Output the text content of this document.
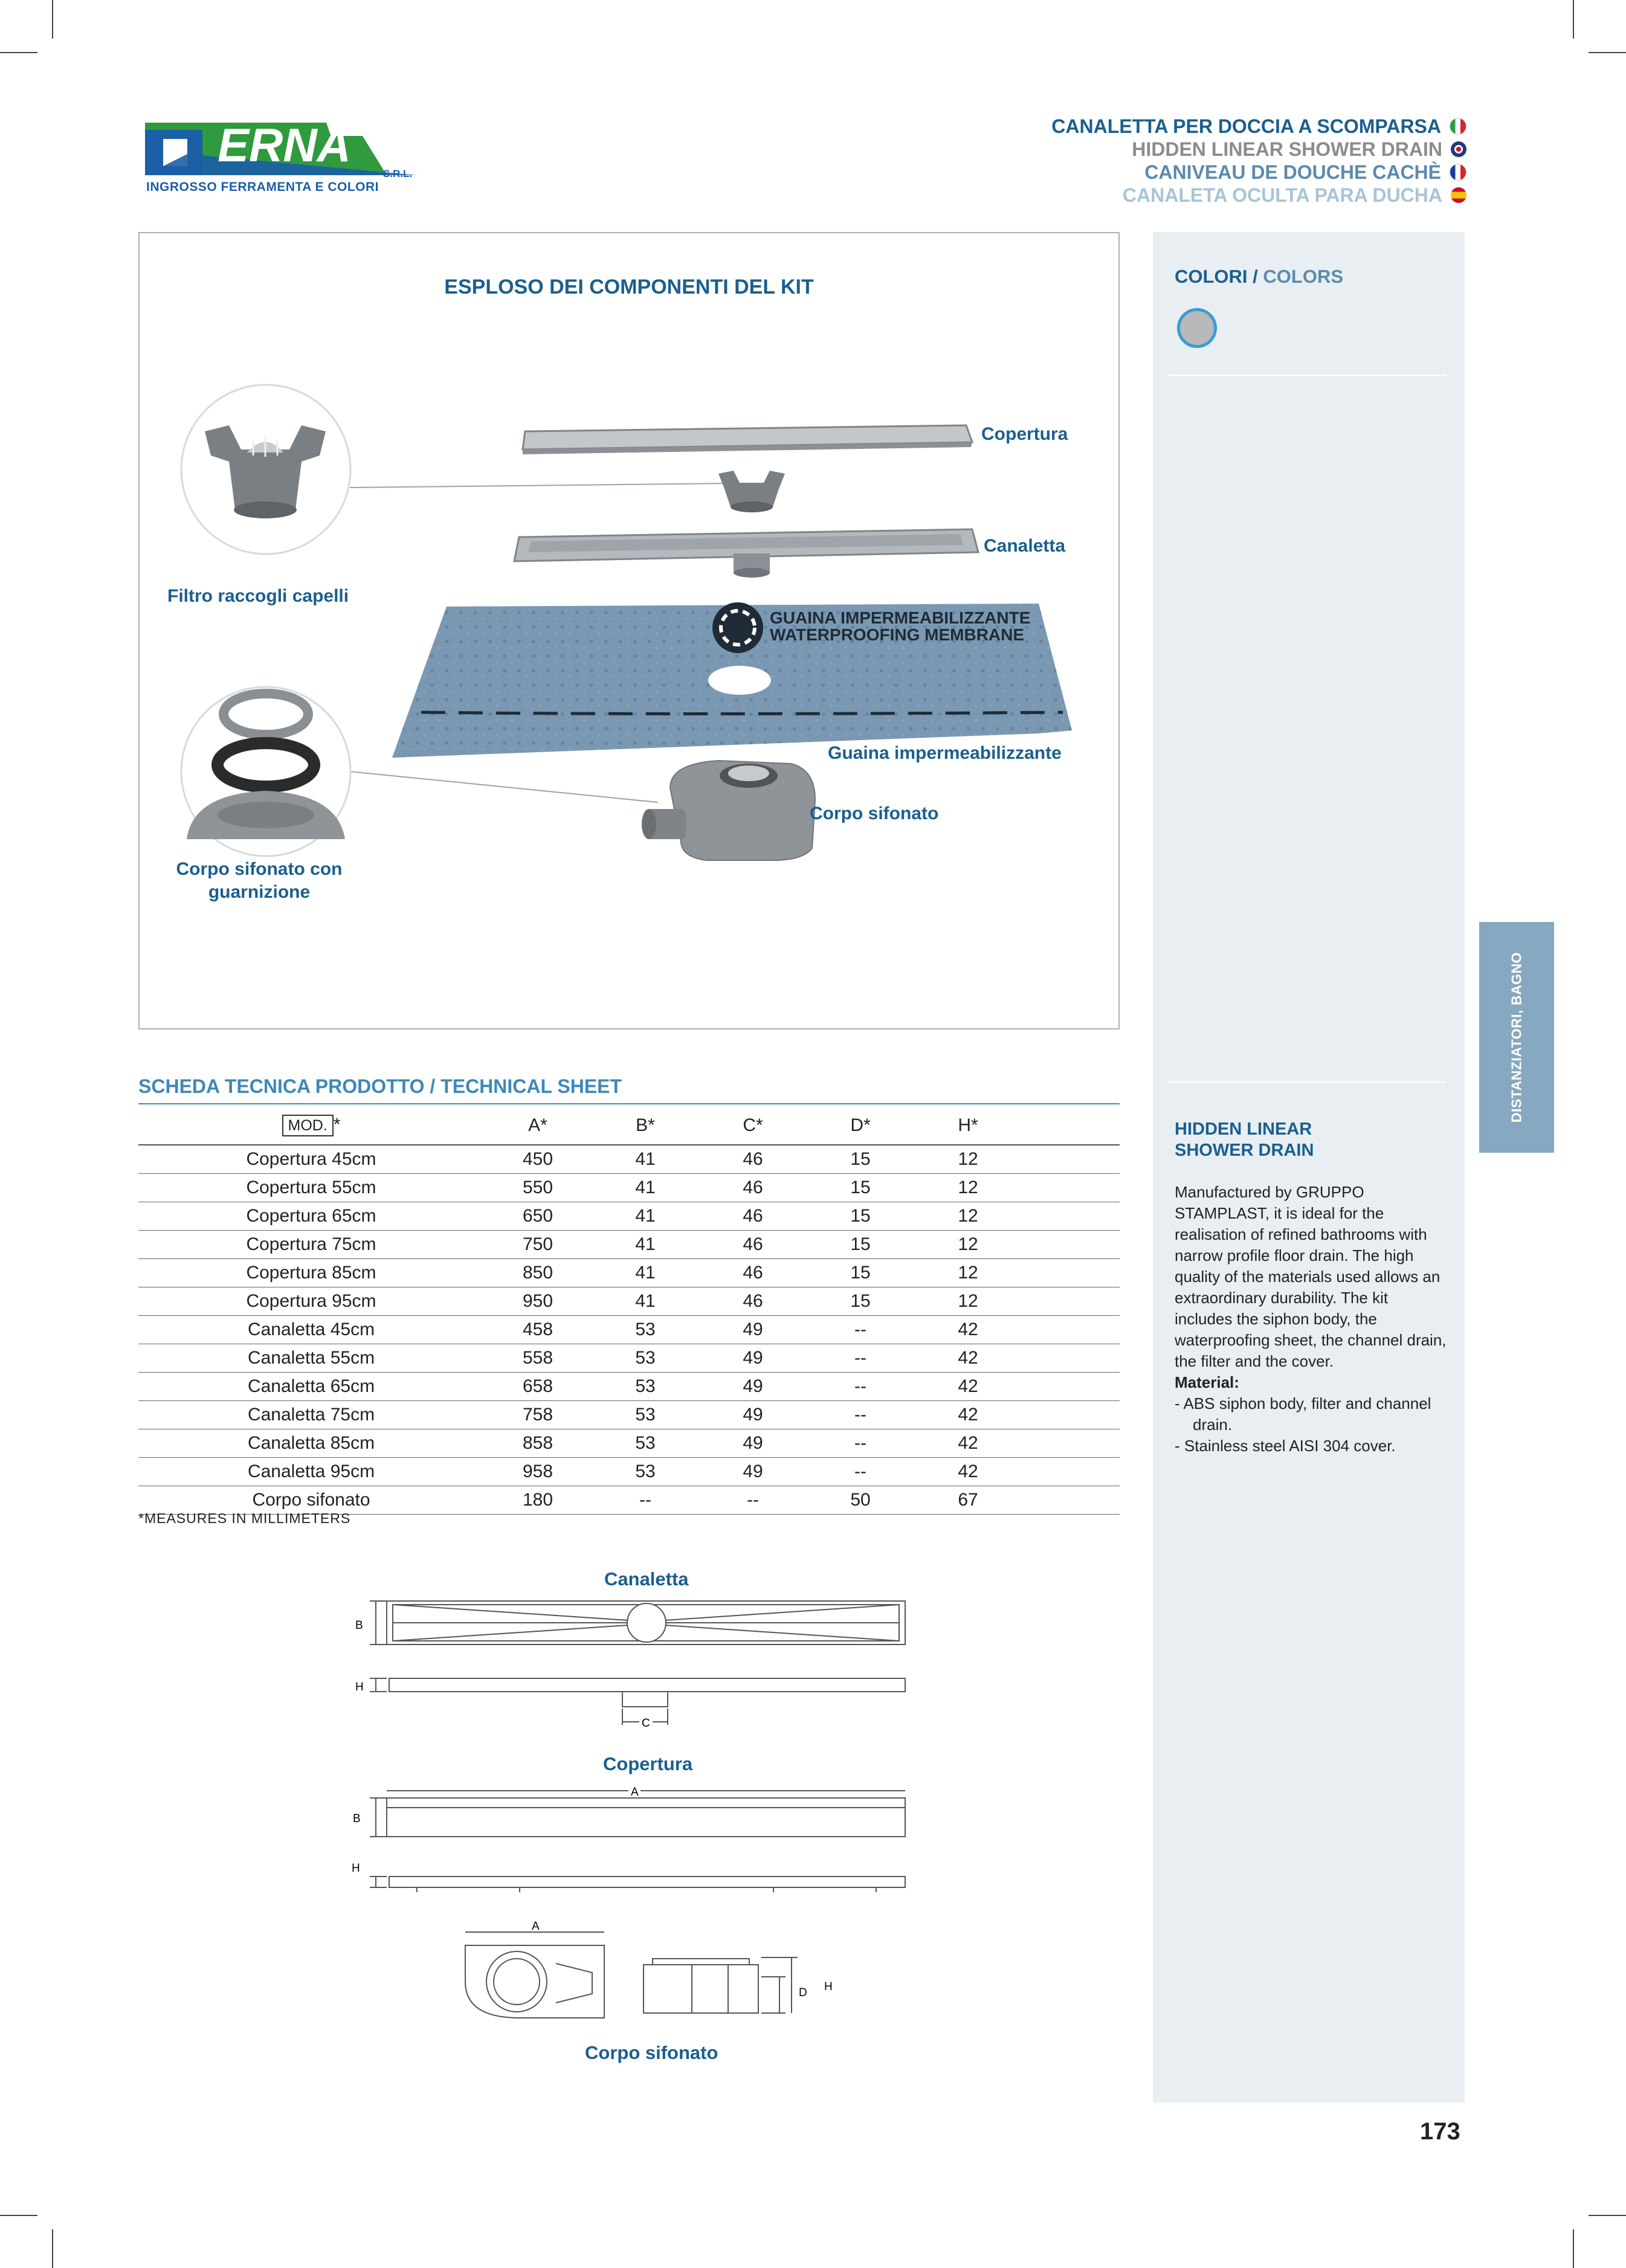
ERNA
S.R.L.
INGROSSO FERRAMENTA E COLORI
CANALETTA PER DOCCIA A SCOMPARSA
HIDDEN LINEAR SHOWER DRAIN
CANIVEAU DE DOUCHE CACHÈ
CANALETA OCULTA PARA DUCHA
COLORI / COLORS
DISTANZIATORI, BAGNO
HIDDEN LINEAR
SHOWER DRAIN
Manufactured by GRUPPO STAMPLAST, it is ideal for the realisation of refined bathrooms with narrow profile floor drain. The high quality of the materials used allows an extraordinary durability. The kit includes the siphon body, the waterproofing sheet, the channel drain, the filter and the cover.
Material:
- ABS siphon body, filter and channel drain.
- Stainless steel AISI 304 cover.
ESPLOSO DEI COMPONENTI DEL KIT
GUAINA IMPERMEABILIZZANTE
WATERPROOFING MEMBRANE
Copertura
Canaletta
Filtro raccogli capelli
Guaina impermeabilizzante
Corpo sifonato
Corpo sifonato con
guarnizione
SCHEDA TECNICA PRODOTTO / TECHNICAL SHEET
MOD. *	A*	B*	C*	D*	H*	
Copertura 45cm	450	41	46	15	12	
Copertura 55cm	550	41	46	15	12	
Copertura 65cm	650	41	46	15	12	
Copertura 75cm	750	41	46	15	12	
Copertura 85cm	850	41	46	15	12	
Copertura 95cm	950	41	46	15	12	
Canaletta 45cm	458	53	49	--	42	
Canaletta 55cm	558	53	49	--	42	
Canaletta 65cm	658	53	49	--	42	
Canaletta 75cm	758	53	49	--	42	
Canaletta 85cm	858	53	49	--	42	
Canaletta 95cm	958	53	49	--	42	
Corpo sifonato	180	--	--	50	67	
*MEASURES IN MILLIMETERS
Canaletta
Copertura
Corpo sifonato
B
H
C
A
B
H
A
D H
173
